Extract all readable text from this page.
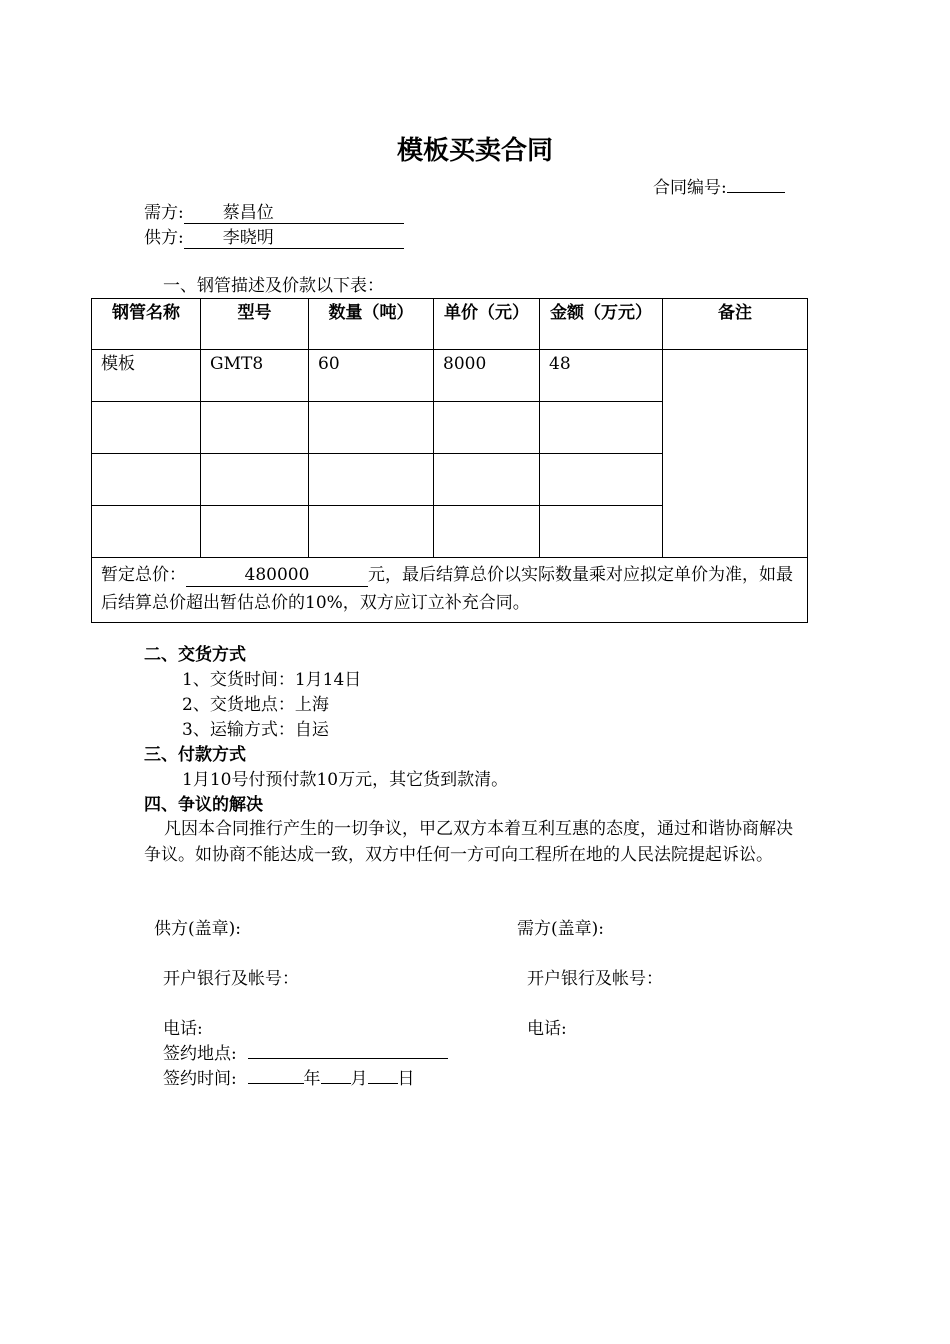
模板买卖合同
合同编号:
需方: 蔡昌位
供方: 李晓明
一、钢管描述及价款以下表：
钢管名称	型号	数量（吨）	单价（元）	金额（万元）	备注
模板	GMT8	60	8000	48	

暂定总价： 480000 元，最后结算总价以实际数量乘对应拟定单价为准，如最后结算总价超出暂估总价的10%，双方应订立补充合同。					
二、交货方式
1、交货时间：1月14日
2、交货地点：上海
3、运输方式：自运
三、付款方式
1月10号付预付款10万元，其它货到款清。
四、争议的解决
凡因本合同推行产生的一切争议，甲乙双方本着互利互惠的态度，通过和谐协商解决争议。如协商不能达成一致，双方中任何一方可向工程所在地的人民法院提起诉讼。
供方(盖章):	需方(盖章):
开户银行及帐号：	开户银行及帐号：
电话:	电话:
签约地点:
签约时间:	年 月 日
